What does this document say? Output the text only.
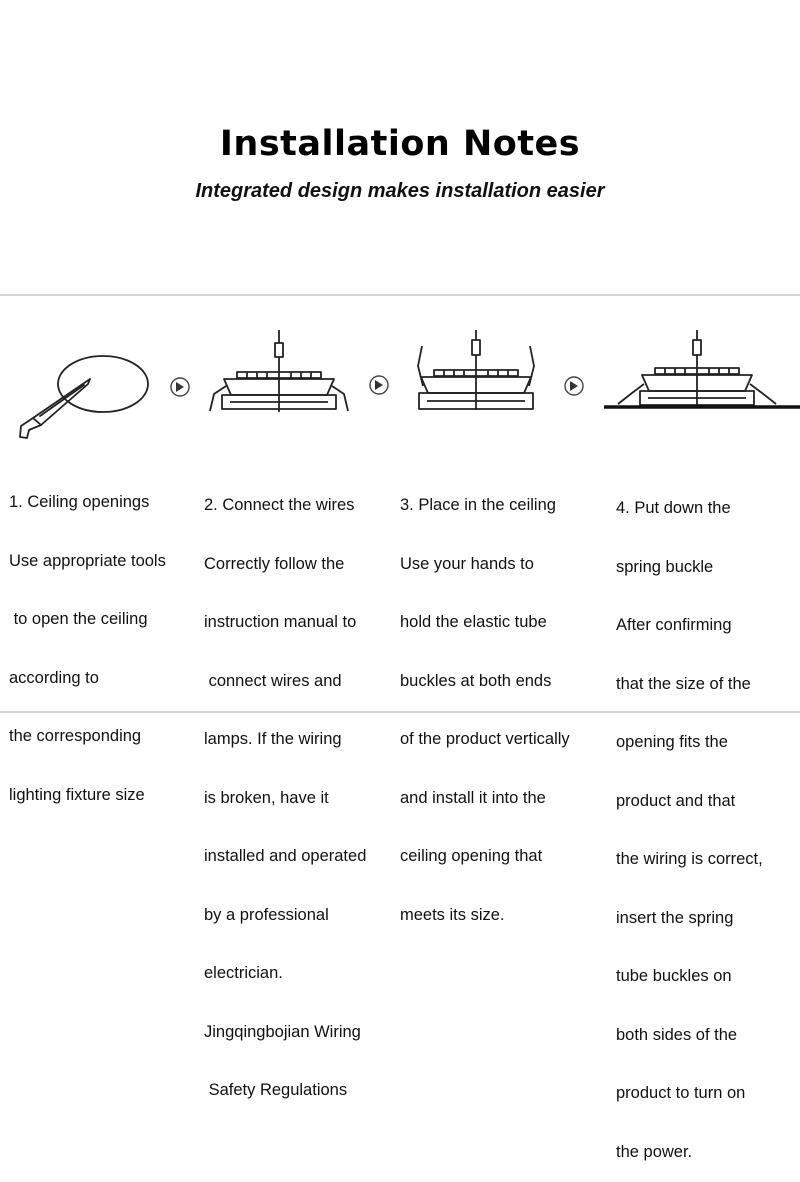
Installation Notes
Integrated design makes installation easier

1. Ceiling openings

Use appropriate tools

to open the ceiling

according to

the corresponding

lighting fixture size

2. Connect the wires

Correctly follow the

instruction manual to

connect wires and

lamps. If the wiring

is broken, have it

installed and operated

by a professional

electrician.

Jingqingbojian Wiring

Safety Regulations

3. Place in the ceiling

Use your hands to

hold the elastic tube

buckles at both ends

of the product vertically

and install it into the

ceiling opening that

meets its size.

4. Put down the

spring buckle

After confirming

that the size of the

opening fits the

product and that

the wiring is correct,

insert the spring

tube buckles on

both sides of the

product to turn on

the power.
